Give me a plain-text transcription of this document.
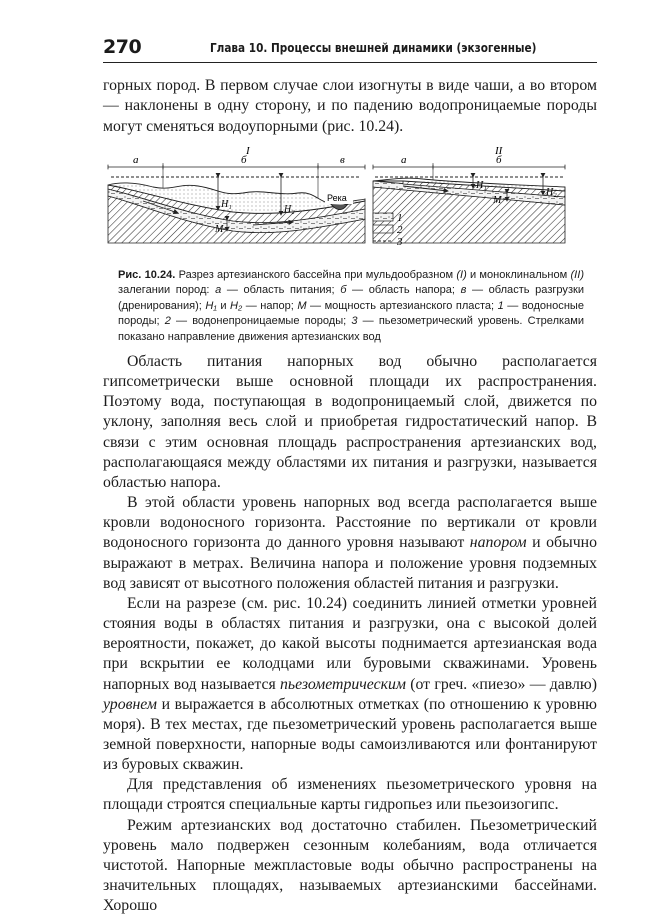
270	Глава 10. Процессы внешней динамики (экзогенные)

горных пород. В первом случае слои изогнуты в виде чаши, а во втором — наклонены в одну сторону, и по падению водопроницаемые породы могут сменяться водоупорными (рис. 10.24).

I
а	б	в
Река
H₁	H₂
M
II
а	б
H₁
H₂
M
1
2
3

Рис. 10.24. Разрез артезианского бассейна при мульдообразном (I) и моноклинальном (II) залегании пород: а — область питания; б — область напора; в — область разгрузки (дренирования); H₁ и H₂ — напор; М — мощность артезианского пласта; 1 — водоносные породы; 2 — водонепроницаемые породы; 3 — пьезометрический уровень. Стрелками показано направление движения артезианских вод

Область питания напорных вод обычно располагается гипсометрически выше основной площади их распространения. Поэтому вода, поступающая в водопроницаемый слой, движется по уклону, заполняя весь слой и приобретая гидростатический напор. В связи с этим основная площадь распространения артезианских вод, располагающаяся между областями их питания и разгрузки, называется областью напора.

В этой области уровень напорных вод всегда располагается выше кровли водоносного горизонта. Расстояние по вертикали от кровли водоносного горизонта до данного уровня называют напором и обычно выражают в метрах. Величина напора и положение уровня подземных вод зависят от высотного положения областей питания и разгрузки.

Если на разрезе (см. рис. 10.24) соединить линией отметки уровней стояния воды в областях питания и разгрузки, она с высокой долей вероятности, покажет, до какой высоты поднимается артезианская вода при вскрытии ее колодцами или буровыми скважинами. Уровень напорных вод называется пьезометрическим (от греч. «пиезо» — давлю) уровнем и выражается в абсолютных отметках (по отношению к уровню моря). В тех местах, где пьезометрический уровень располагается выше земной поверхности, напорные воды самоизливаются или фонтанируют из буровых скважин.

Для представления об изменениях пьезометрического уровня на площади строятся специальные карты гидропьез или пьезоизогипс.

Режим артезианских вод достаточно стабилен. Пьезометрический уровень мало подвержен сезонным колебаниям, вода отличается чистотой. Напорные межпластовые воды обычно распространены на значительных площадях, называемых артезианскими бассейнами. Хорошо
